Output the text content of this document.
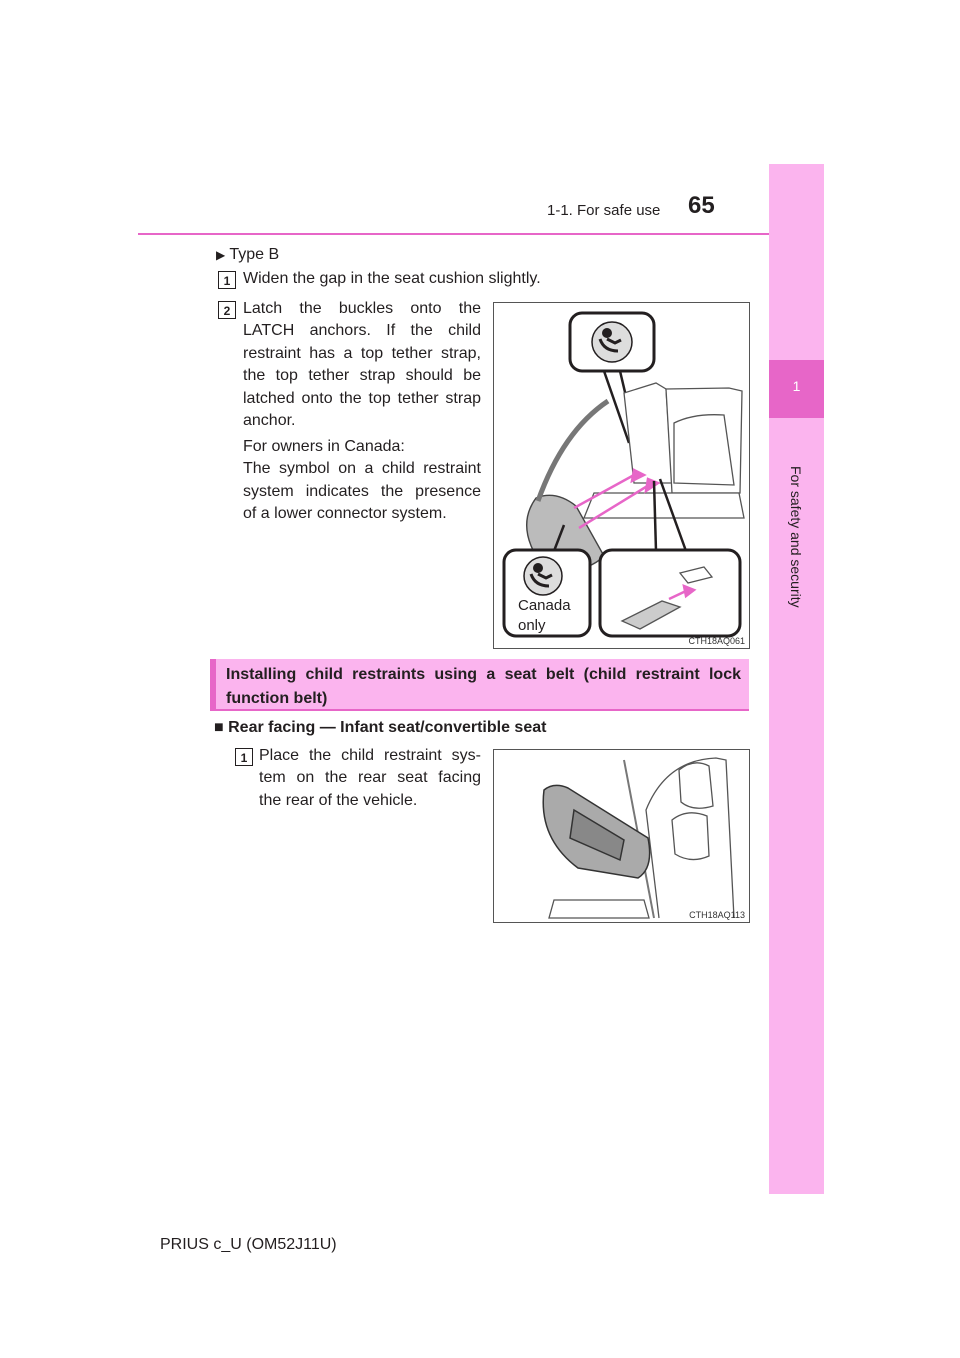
1-1. For safe use 65
1
For safety and security
▶ Type B
1 Widen the gap in the seat cushion slightly.
2 Latch the buckles onto the
LATCH anchors. If the child
restraint has a top tether strap,
the top tether strap should be
latched onto the top tether strap
anchor.
For owners in Canada:
The symbol on a child restraint
system indicates the presence
of a lower connector system.
Canada
only
CTH18AQ061
Installing child restraints using a seat belt (child restraint lock function belt)
■ Rear facing — Infant seat/convertible seat
1 Place the child restraint sys-
tem on the rear seat facing
the rear of the vehicle.
CTH18AQ113
PRIUS c_U (OM52J11U)
